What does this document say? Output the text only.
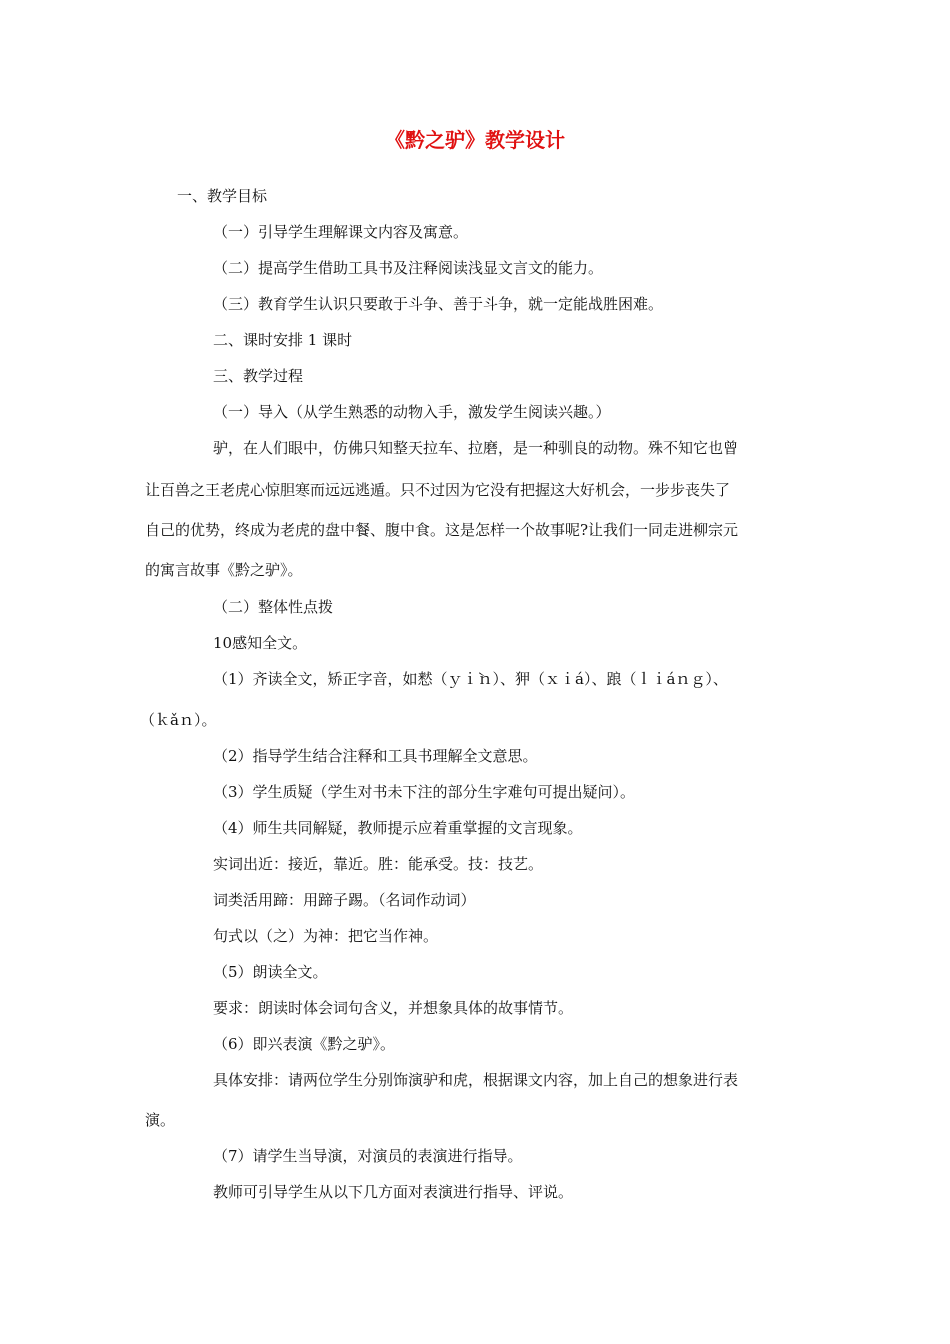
《黔之驴》教学设计
一、教学目标
（一）引导学生理解课文内容及寓意。
（二）提高学生借助工具书及注释阅读浅显文言文的能力。
（三）教育学生认识只要敢于斗争、善于斗争，就一定能战胜困难。
二、课时安排 1 课时
三、教学过程
（一）导入（从学生熟悉的动物入手，激发学生阅读兴趣。）
驴，在人们眼中，仿佛只知整天拉车、拉磨，是一种驯良的动物。殊不知它也曾
让百兽之王老虎心惊胆寒而远远逃遁。只不过因为它没有把握这大好机会，一步步丧失了
自己的优势，终成为老虎的盘中餐、腹中食。这是怎样一个故事呢?让我们一同走进柳宗元
的寓言故事《黔之驴》。
（二）整体性点拨
10感知全文。
（1）齐读全文，矫正字音，如慭（ｙｉ̀ｎ）、狎（ｘｉá）、踉（ｌｉáｎｇ）、
（ｋǎｎ）。
（2）指导学生结合注释和工具书理解全文意思。
（3）学生质疑（学生对书未下注的部分生字难句可提出疑问）。
（4）师生共同解疑，教师提示应着重掌握的文言现象。
实词出近：接近，靠近。胜：能承受。技：技艺。
词类活用蹄：用蹄子踢。（名词作动词）
句式以（之）为神：把它当作神。
（5）朗读全文。
要求：朗读时体会词句含义，并想象具体的故事情节。
（6）即兴表演《黔之驴》。
具体安排：请两位学生分别饰演驴和虎，根据课文内容，加上自己的想象进行表
演。
（7）请学生当导演，对演员的表演进行指导。
教师可引导学生从以下几方面对表演进行指导、评说。
